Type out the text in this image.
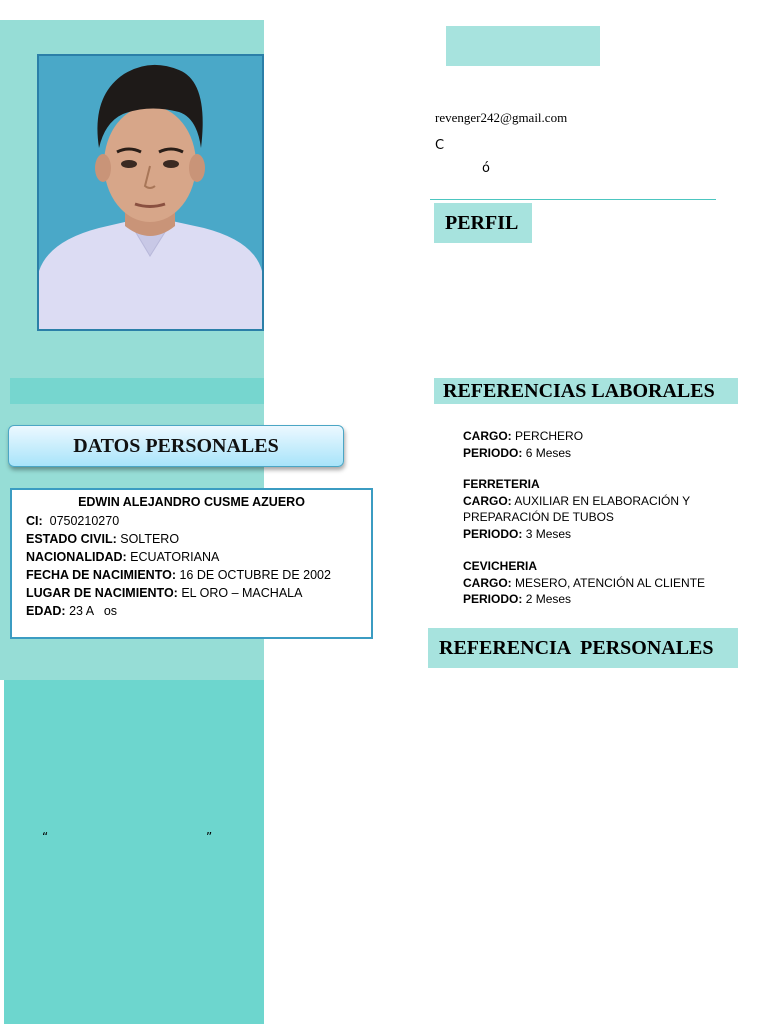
DATOS PERSONALES
EDWIN ALEJANDRO CUSME AZUERO
CI: 0750210270
ESTADO CIVIL: SOLTERO
NACIONALIDAD: ECUATORIANA
FECHA DE NACIMIENTO: 16 DE OCTUBRE DE 2002
LUGAR DE NACIMIENTO: EL ORO – MACHALA
EDAD: 23 A   os
“	”
revenger242@gmail.com
C
ó
PERFIL
REFERENCIAS LABORALES
CARGO: PERCHERO
PERIODO: 6 Meses
FERRETERIA
CARGO: AUXILIAR EN ELABORACIÓN Y
PREPARACIÓN DE TUBOS
PERIODO: 3 Meses
CEVICHERIA
CARGO: MESERO, ATENCIÓN AL CLIENTE
PERIODO: 2 Meses
REFERENCIA  PERSONALES
